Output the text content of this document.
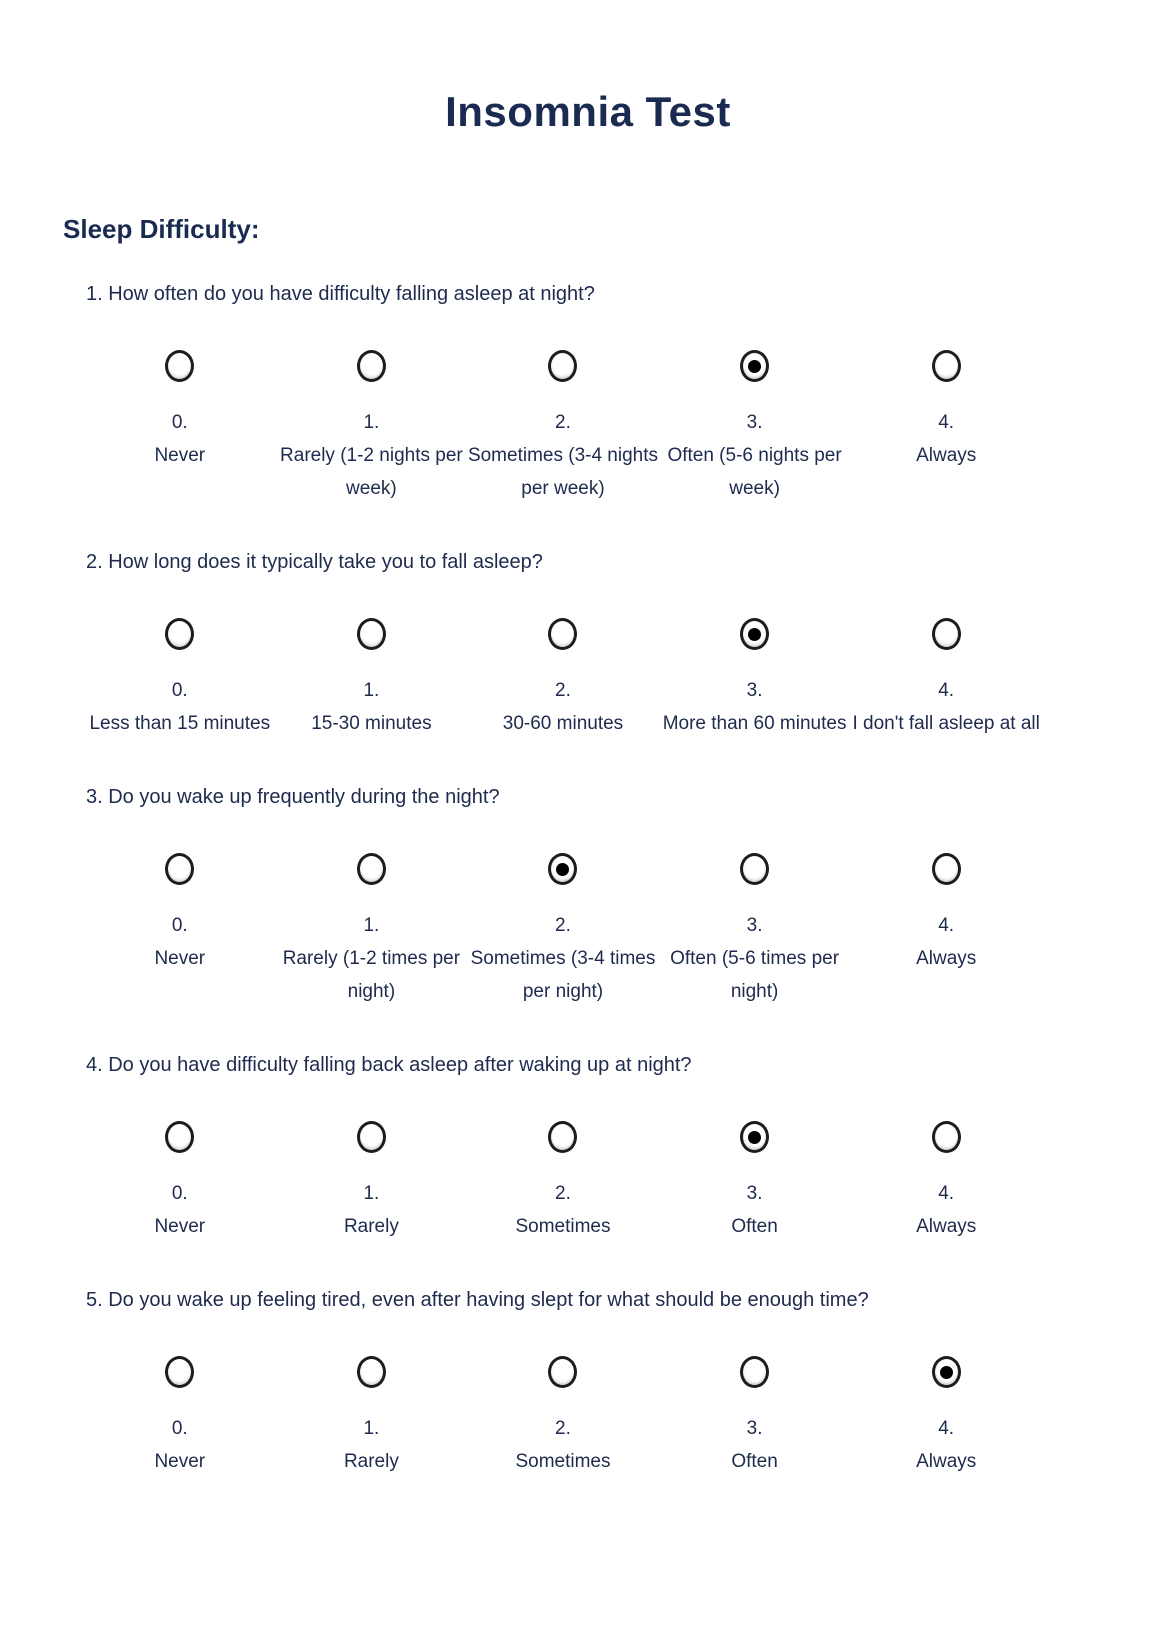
Insomnia Test
Sleep Difficulty:
1. How often do you have difficulty falling asleep at night?
0.
Never
1.
Rarely (1-2 nights per week)
2.
Sometimes (3-4 nights per week)
3.
Often (5-6 nights per week)
4.
Always
2. How long does it typically take you to fall asleep?
0.
Less than 15 minutes
1.
15-30 minutes
2.
30-60 minutes
3.
More than 60 minutes
4.
I don't fall asleep at all
3. Do you wake up frequently during the night?
0.
Never
1.
Rarely (1-2 times per night)
2.
Sometimes (3-4 times per night)
3.
Often (5-6 times per night)
4.
Always
4. Do you have difficulty falling back asleep after waking up at night?
0.
Never
1.
Rarely
2.
Sometimes
3.
Often
4.
Always
5. Do you wake up feeling tired, even after having slept for what should be enough time?
0.
Never
1.
Rarely
2.
Sometimes
3.
Often
4.
Always
